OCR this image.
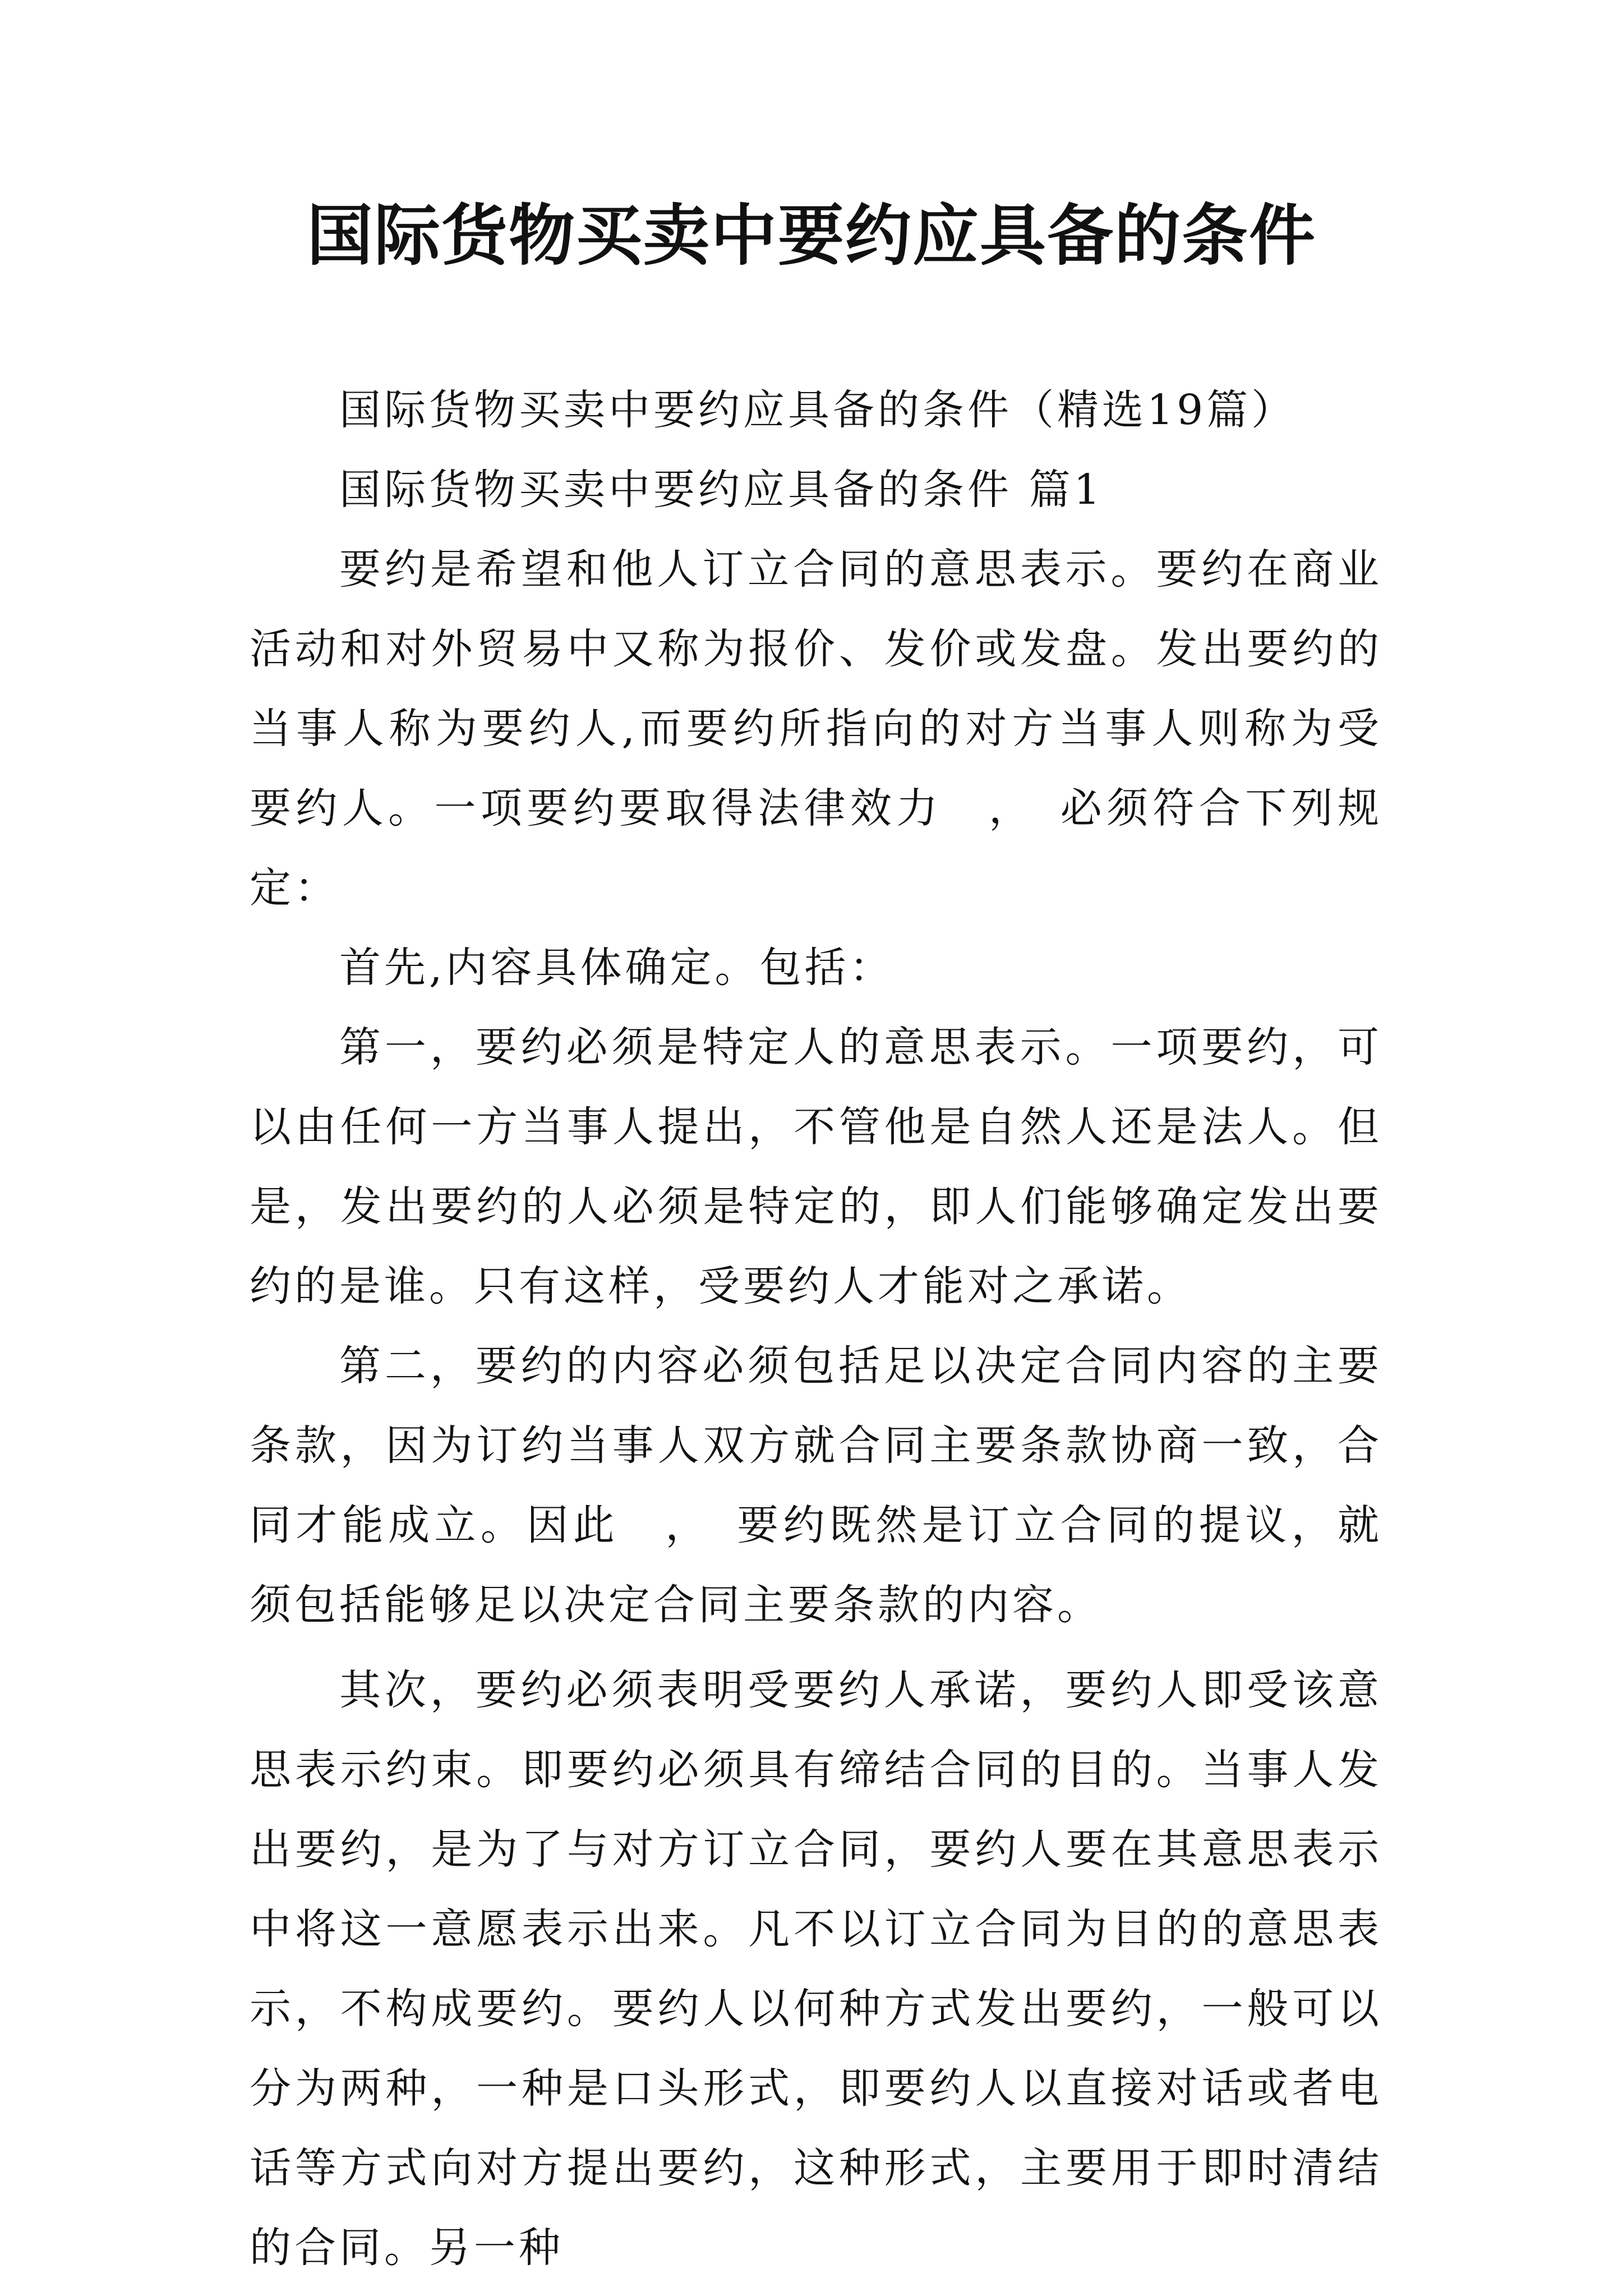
国际货物买卖中要约应具备的条件

国际货物买卖中要约应具备的条件（精选19篇）

国际货物买卖中要约应具备的条件 篇1

要约是希望和他人订立合同的意思表示。要约在商业活动和对外贸易中又称为报价、发价或发盘。发出要约的当事人称为要约人,而要约所指向的对方当事人则称为受要约人。一项要约要取得法律效力　，　必须符合下列规定：

首先,内容具体确定。包括：

第一，要约必须是特定人的意思表示。一项要约，可以由任何一方当事人提出，不管他是自然人还是法人。但是，发出要约的人必须是特定的，即人们能够确定发出要约的是谁。只有这样，受要约人才能对之承诺。

第二，要约的内容必须包括足以决定合同内容的主要条款，因为订约当事人双方就合同主要条款协商一致，合同才能成立。因此　，　要约既然是订立合同的提议，就须包括能够足以决定合同主要条款的内容。

其次，要约必须表明受要约人承诺，要约人即受该意思表示约束。即要约必须具有缔结合同的目的。当事人发出要约，是为了与对方订立合同，要约人要在其意思表示中将这一意愿表示出来。凡不以订立合同为目的的意思表示，不构成要约。要约人以何种方式发出要约，一般可以分为两种，一种是口头形式，即要约人以直接对话或者电话等方式向对方提出要约，这种形式，主要用于即时清结的合同。另一种
